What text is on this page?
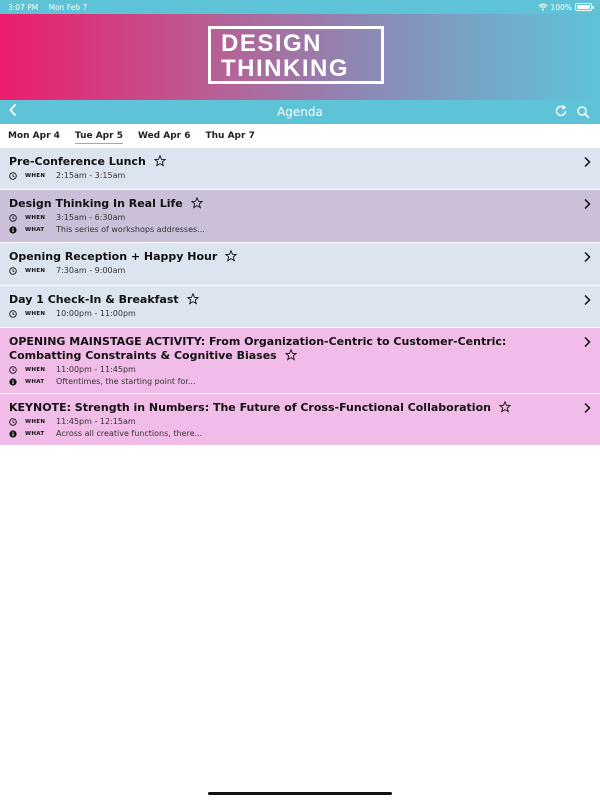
3:07 PM Mon Feb 7	100%
DESIGN
THINKING
Agenda
Mon Apr 4 Tue Apr 5 Wed Apr 6 Thu Apr 7
Pre-Conference Lunch
WHEN	2:15am - 3:15am
Design Thinking In Real Life
WHEN	3:15am - 6:30am
WHAT	This series of workshops addresses...
Opening Reception + Happy Hour
WHEN	7:30am - 9:00am
Day 1 Check-In & Breakfast
WHEN	10:00pm - 11:00pm
OPENING MAINSTAGE ACTIVITY: From Organization-Centric to Customer-Centric: Combatting Constraints & Cognitive Biases
WHEN	11:00pm - 11:45pm
WHAT	Oftentimes, the starting point for...
KEYNOTE: Strength in Numbers: The Future of Cross-Functional Collaboration
WHEN	11:45pm - 12:15am
WHAT	Across all creative functions, there...
